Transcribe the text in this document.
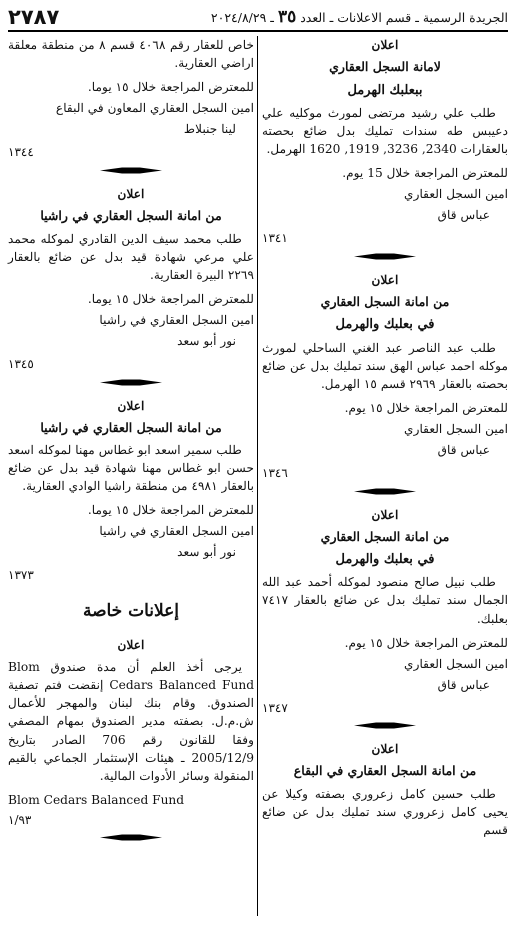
الجريدة الرسمية ـ قسم الاعلانات ـ العدد ٣٥ ـ ٢٠٢٤/٨/٢٩
٢٧٨٧
اعلان
لامانة السجل العقاري
ببعلبك الهرمل

طلب علي رشيد مرتضى لمورث موكليه علي دعيبس طه سندات تمليك بدل ضائع بحصته بالعقارات 2340, 3236, 1919, 1620 الهرمل.

للمعترض المراجعة خلال 15 يوم.

امين السجل العقاري

عباس قاق

١٣٤١
اعلان
من امانة السجل العقاري
في بعلبك والهرمل

طلب عبد الناصر عبد الغني الساحلي لمورث موكله احمد عباس الهق سند تمليك بدل عن ضائع بحصته بالعقار ٢٩٦٩ قسم ١٥ الهرمل.

للمعترض المراجعة خلال ١٥ يوم.

امين السجل العقاري

عباس قاق

١٣٤٦
اعلان
من امانة السجل العقاري
في بعلبك والهرمل

طلب نبيل صالح منصود لموكله أحمد عبد الله الجمال سند تمليك بدل عن ضائع بالعقار ٧٤١٧ بعلبك.

للمعترض المراجعة خلال ١٥ يوم.

امين السجل العقاري

عباس قاق

١٣٤٧
اعلان
من امانة السجل العقاري في البقاع

طلب حسين كامل زعروري بصفته وكيلا عن يحيى كامل زعروري سند تمليك بدل عن ضائع قسم

خاص للعقار رقم ٤٠٦٨ قسم ٨ من منطقة معلقة اراضي العقارية.

للمعترض المراجعة خلال ١٥ يوما.

امين السجل العقاري المعاون في البقاع

لينا جنبلاط

١٣٤٤
اعلان
من امانة السجل العقاري في راشيا

طلب محمد سيف الدين القادري لموكله محمد علي مرعي شهادة قيد بدل عن ضائع بالعقار ٢٢٦٩ البيرة العقارية.

للمعترض المراجعة خلال ١٥ يوما.

امين السجل العقاري في راشيا

نور أبو سعد

١٣٤٥
اعلان
من امانة السجل العقاري في راشيا

طلب سمير اسعد ابو غطاس مهنا لموكله اسعد حسن ابو غطاس مهنا شهادة قيد بدل عن ضائع بالعقار ٤٩٨١ من منطقة راشيا الوادي العقارية.

للمعترض المراجعة خلال ١٥ يوما.

امين السجل العقاري في راشيا

نور أبو سعد

١٣٧٣
إعلانات خاصة
اعلان

يرجى أخذ العلم أن مدة صندوق Blom Cedars Balanced Fund إنقضت فتم تصفية الصندوق. وقام بنك لبنان والمهجر للأعمال ش.م.ل. بصفته مدير الصندوق بمهام المصفي وفقا للقانون رقم 706 الصادر بتاريخ 2005/12/9 ـ هيئات الإستثمار الجماعي بالقيم المنقولة وسائر الأدوات المالية.

Blom Cedars Balanced Fund

١/٩٣
